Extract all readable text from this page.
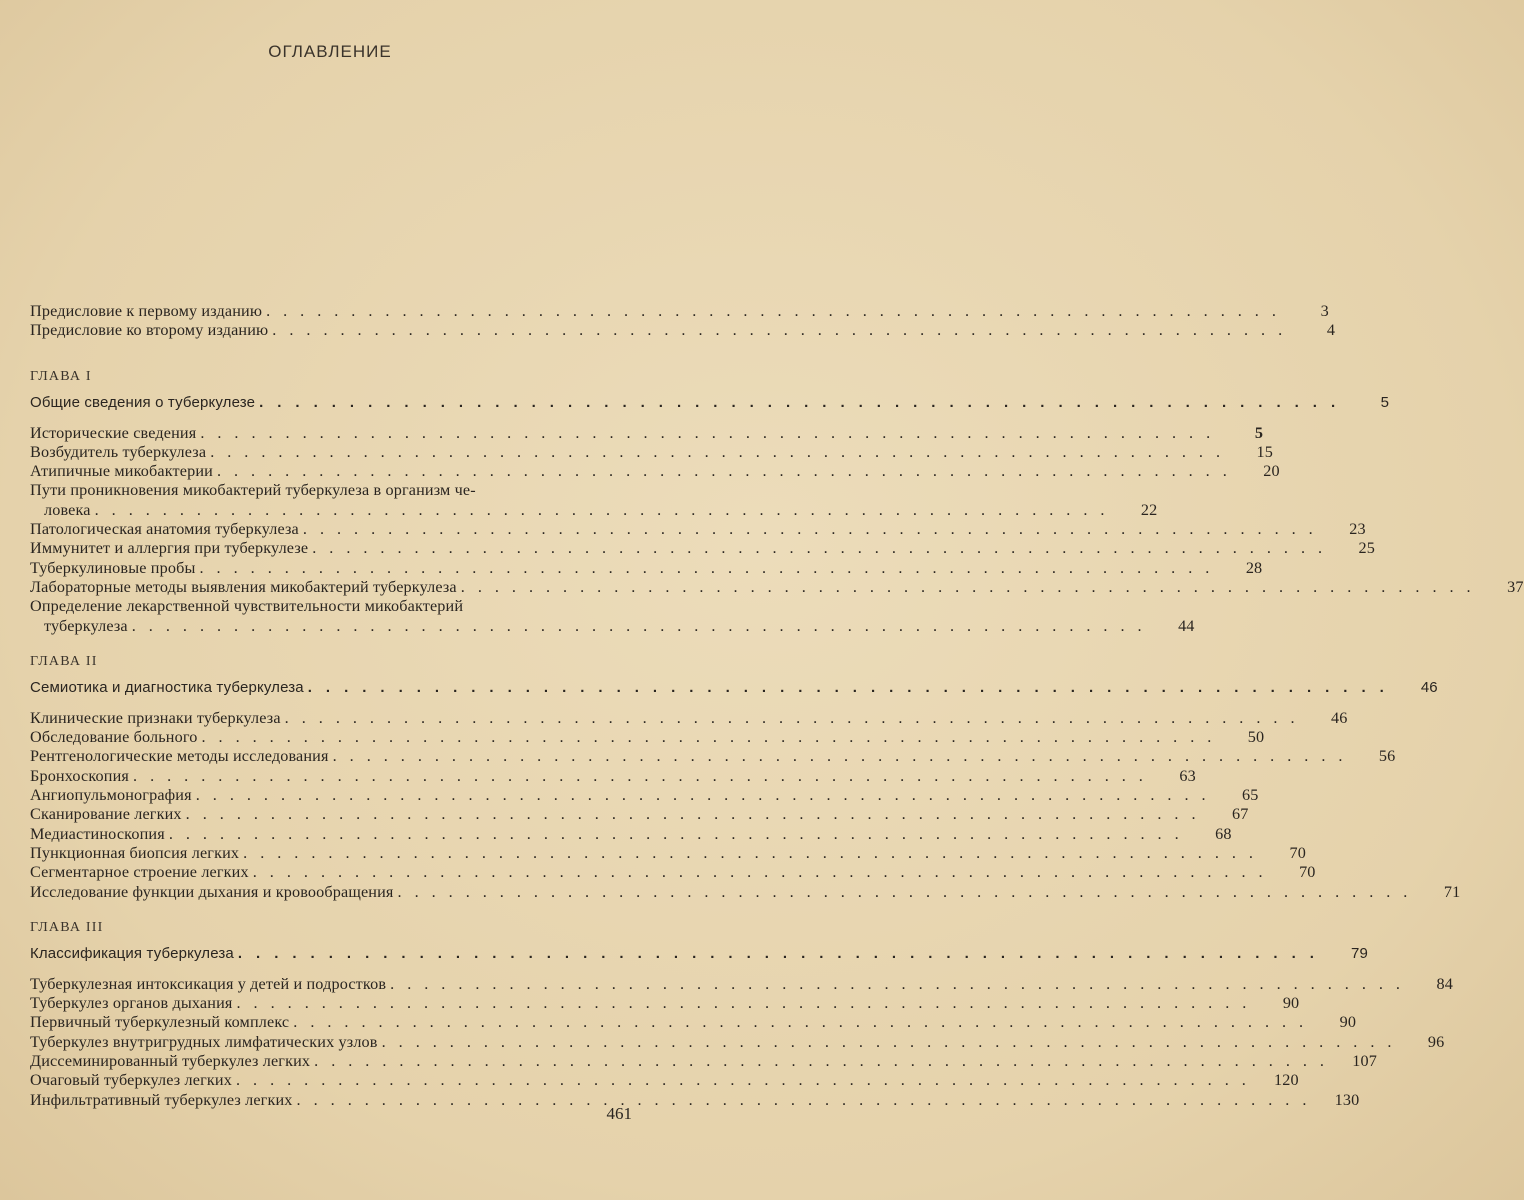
ОГЛАВЛЕНИЕ
Предисловие к первому изданию ............................................................	3
Предисловие ко второму изданию ............................................................	4
ГЛАВА I
Общие сведения о туберкулезе ............................................................	5
Исторические сведения ............................................................	5
Возбудитель туберкулеза ............................................................	15
Атипичные микобактерии ............................................................	20
Пути проникновения микобактерий туберкулеза в организм че-
ловека ............................................................	22
Патологическая анатомия туберкулеза ............................................................	23
Иммунитет и аллергия при туберкулезе ............................................................	25
Туберкулиновые пробы ............................................................	28
Лабораторные методы выявления микобактерий туберкулеза ............................................................	37
Определение лекарственной чувствительности микобактерий
туберкулеза ............................................................	44
ГЛАВА II
Семиотика и диагностика туберкулеза ............................................................	46
Клинические признаки туберкулеза ............................................................	46
Обследование больного ............................................................	50
Рентгенологические методы исследования ............................................................	56
Бронхоскопия ............................................................	63
Ангиопульмонография ............................................................	65
Сканирование легких ............................................................	67
Медиастиноскопия ............................................................	68
Пункционная биопсия легких ............................................................	70
Сегментарное строение легких ............................................................	70
Исследование функции дыхания и кровообращения ............................................................	71
ГЛАВА III
Классификация туберкулеза ............................................................	79
Туберкулезная интоксикация у детей и подростков ............................................................	84
Туберкулез органов дыхания ............................................................	90
Первичный туберкулезный комплекс ............................................................	90
Туберкулез внутригрудных лимфатических узлов ............................................................	96
Диссеминированный туберкулез легких ............................................................ 107
Очаговый туберкулез легких ............................................................ 120
Инфильтративный туберкулез легких ............................................................ 130
461
